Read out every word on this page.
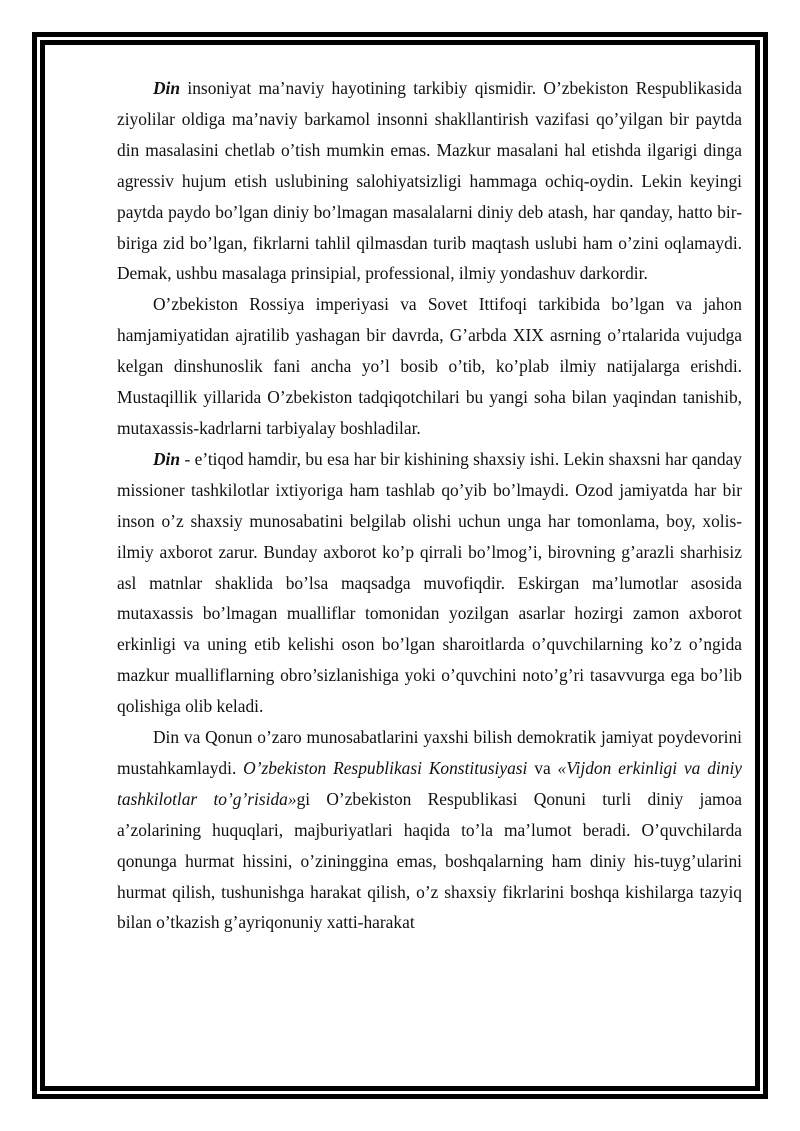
Din insoniyat ma’naviy hayotining tarkibiy qismidir. O’zbekiston Respublikasida ziyolilar oldiga ma’naviy barkamol insonni shakllantirish vazifasi qo’yilgan bir paytda din masalasini chetlab o’tish mumkin emas. Mazkur masalani hal etishda ilgarigi dinga agressiv hujum etish uslubining salohiyatsizligi hammaga ochiq-oydin. Lekin keyingi paytda paydo bo’lgan diniy bo’lmagan masalalarni diniy deb atash, har qanday, hatto bir-biriga zid bo’lgan, fikrlarni tahlil qilmasdan turib maqtash uslubi ham o’zini oqlamaydi. Demak, ushbu masalaga prinsipial, professional, ilmiy yondashuv darkordir.

O’zbekiston Rossiya imperiyasi va Sovet Ittifoqi tarkibida bo’lgan va jahon hamjamiyatidan ajratilib yashagan bir davrda, G’arbda XIX asrning o’rtalarida vujudga kelgan dinshunoslik fani ancha yo’l bosib o’tib, ko’plab ilmiy natijalarga erishdi. Mustaqillik yillarida O’zbekiston tadqiqotchilari bu yangi soha bilan yaqindan tanishib, mutaxassis-kadrlarni tarbiyalay boshladilar.

Din - e’tiqod hamdir, bu esa har bir kishining shaxsiy ishi. Lekin shaxsni har qanday missioner tashkilotlar ixtiyoriga ham tashlab qo’yib bo’lmaydi. Ozod jamiyatda har bir inson o’z shaxsiy munosabatini belgilab olishi uchun unga har tomonlama, boy, xolis-ilmiy axborot zarur. Bunday axborot ko’p qirrali bo’lmog’i, birovning g’arazli sharhisiz asl matnlar shaklida bo’lsa maqsadga muvofiqdir. Eskirgan ma’lumotlar asosida mutaxassis bo’lmagan mualliflar tomonidan yozilgan asarlar hozirgi zamon axborot erkinligi va uning etib kelishi oson bo’lgan sharoitlarda o’quvchilarning ko’z o’ngida mazkur mualliflarning obro’sizlanishiga yoki o’quvchini noto’g’ri tasavvurga ega bo’lib qolishiga olib keladi.

Din va Qonun o’zaro munosabatlarini yaxshi bilish demokratik jamiyat poydevorini mustahkamlaydi. O’zbekiston Respublikasi Konstitusiyasi va «Vijdon erkinligi va diniy tashkilotlar to’g’risida»gi O’zbekiston Respublikasi Qonuni turli diniy jamoa a’zolarining huquqlari, majburiyatlari haqida to’la ma’lumot beradi. O’quvchilarda qonunga hurmat hissini, o’ziningginа emas, boshqalarning ham diniy his-tuyg’ularini hurmat qilish, tushunishga harakat qilish, o’z shaxsiy fikrlarini boshqa kishilarga tazyiq bilan o’tkazish g’ayriqonuniy xatti-harakat
